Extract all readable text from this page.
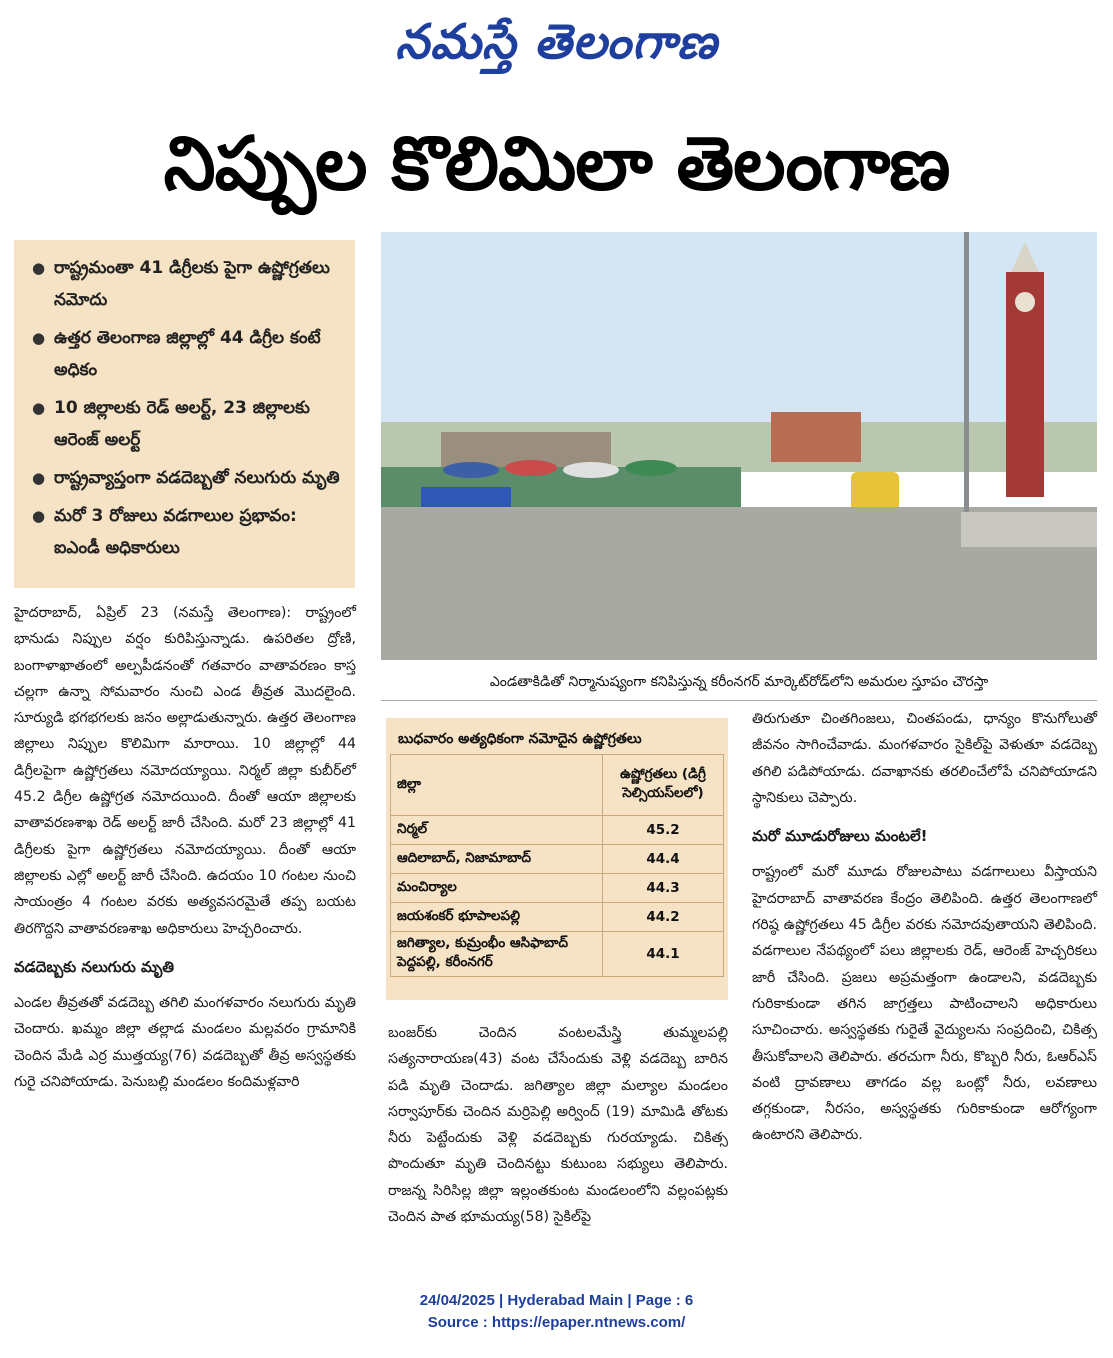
నమస్తే తెలంగాణ
నిప్పుల కొలిమిలా తెలంగాణ
● రాష్ట్రమంతా 41 డిగ్రీలకు పైగా ఉష్ణోగ్రతలు నమోదు
● ఉత్తర తెలంగాణ జిల్లాల్లో 44 డిగ్రీల కంటే అధికం
● 10 జిల్లాలకు రెడ్ అలర్ట్, 23 జిల్లాలకు ఆరెంజ్ అలర్ట్
● రాష్ట్రవ్యాప్తంగా వడదెబ్బతో నలుగురు మృతి
● మరో 3 రోజులు వడగాలుల ప్రభావం: ఐఎండీ అధికారులు
ఎండతాకిడితో నిర్మానుష్యంగా కనిపిస్తున్న కరీంనగర్ మార్కెట్‌రోడ్‌లోని అమరుల స్తూపం చౌరస్తా

హైదరాబాద్, ఏప్రిల్ 23 (నమస్తే తెలంగాణ): రాష్ట్రంలో భానుడు నిప్పుల వర్షం కురిపిస్తున్నాడు. ఉపరితల ద్రోణి, బంగాళాఖాతంలో అల్పపీడనంతో గతవారం వాతావరణం కాస్త చల్లగా ఉన్నా సోమవారం నుంచి ఎండ తీవ్రత మొదలైంది. సూర్యుడి భగభగలకు జనం అల్లాడుతున్నారు. ఉత్తర తెలంగాణ జిల్లాలు నిప్పుల కొలిమిగా మారాయి. 10 జిల్లాల్లో 44 డిగ్రీలపైగా ఉష్ణోగ్రతలు నమోదయ్యాయి. నిర్మల్ జిల్లా కుబీర్‌లో 45.2 డిగ్రీల ఉష్ణోగ్రత నమోదయింది. దీంతో ఆయా జిల్లాలకు వాతావరణశాఖ రెడ్ అలర్ట్ జారీ చేసింది. మరో 23 జిల్లాల్లో 41 డిగ్రీలకు పైగా ఉష్ణోగ్రతలు నమోదయ్యాయి. దీంతో ఆయా జిల్లాలకు ఎల్లో అలర్ట్ జారీ చేసింది. ఉదయం 10 గంటల నుంచి సాయంత్రం 4 గంటల వరకు అత్యవసరమైతే తప్ప బయట తిరగొద్దని వాతావరణశాఖ అధికారులు హెచ్చరించారు.

వడదెబ్బకు నలుగురు మృతి

ఎండల తీవ్రతతో వడదెబ్బ తగిలి మంగళవారం నలుగురు మృతి చెందారు. ఖమ్మం జిల్లా తల్లాడ మండలం మల్లవరం గ్రామానికి చెందిన మేడి ఎర్ర ముత్తయ్య(76) వడదెబ్బతో తీవ్ర అస్వస్థతకు గురై చనిపోయాడు. పెనుబల్లి మండలం కందిమళ్లవారి

బుధవారం అత్యధికంగా నమోదైన ఉష్ణోగ్రతలు
జిల్లా	ఉష్ణోగ్రతలు (డిగ్రీ సెల్సియస్‌లలో)
నిర్మల్	45.2
ఆదిలాబాద్, నిజామాబాద్	44.4
మంచిర్యాల	44.3
జయశంకర్ భూపాలపల్లి	44.2
జగిత్యాల, కుమ్రంభీం ఆసిఫాబాద్ పెద్దపల్లి, కరీంనగర్	44.1

బంజర్‌కు చెందిన వంటలమేస్త్రి తుమ్మలపల్లి సత్యనారాయణ(43) వంట చేసేందుకు వెళ్లి వడదెబ్బ బారిన పడి మృతి చెందాడు. జగిత్యాల జిల్లా మల్యాల మండలం సర్వాపూర్‌కు చెందిన మర్రిపెల్లి అర్వింద్ (19) మామిడి తోటకు నీరు పెట్టేందుకు వెళ్లి వడదెబ్బకు గురయ్యాడు. చికిత్స పొందుతూ మృతి చెందినట్టు కుటుంబ సభ్యులు తెలిపారు. రాజన్న సిరిసిల్ల జిల్లా ఇల్లంతకుంట మండలంలోని వల్లంపట్లకు చెందిన పాత భూమయ్య(58) సైకిల్‌పై

తిరుగుతూ చింతగింజలు, చింతపండు, ధాన్యం కొనుగోలుతో జీవనం సాగించేవాడు. మంగళవారం సైకిల్‌పై వెళుతూ వడదెబ్బ తగిలి పడిపోయాడు. దవాఖానకు తరలించేలోపే చనిపోయాడని స్థానికులు చెప్పారు.

మరో మూడురోజులు మంటలే!

రాష్ట్రంలో మరో మూడు రోజులపాటు వడగాలులు వీస్తాయని హైదరాబాద్ వాతావరణ కేంద్రం తెలిపింది. ఉత్తర తెలంగాణలో గరిష్ఠ ఉష్ణోగ్రతలు 45 డిగ్రీల వరకు నమోదవుతాయని తెలిపింది. వడగాలుల నేపథ్యంలో పలు జిల్లాలకు రెడ్, ఆరెంజ్ హెచ్చరికలు జారీ చేసింది. ప్రజలు అప్రమత్తంగా ఉండాలని, వడదెబ్బకు గురికాకుండా తగిన జాగ్రత్తలు పాటించాలని అధికారులు సూచించారు. అస్వస్థతకు గురైతే వైద్యులను సంప్రదించి, చికిత్స తీసుకోవాలని తెలిపారు. తరచుగా నీరు, కొబ్బరి నీరు, ఓఆర్ఎస్ వంటి ద్రావణాలు తాగడం వల్ల ఒంట్లో నీరు, లవణాలు తగ్గకుండా, నీరసం, అస్వస్థతకు గురికాకుండా ఆరోగ్యంగా ఉంటారని తెలిపారు.

24/04/2025 | Hyderabad Main | Page : 6
Source : https://epaper.ntnews.com/
